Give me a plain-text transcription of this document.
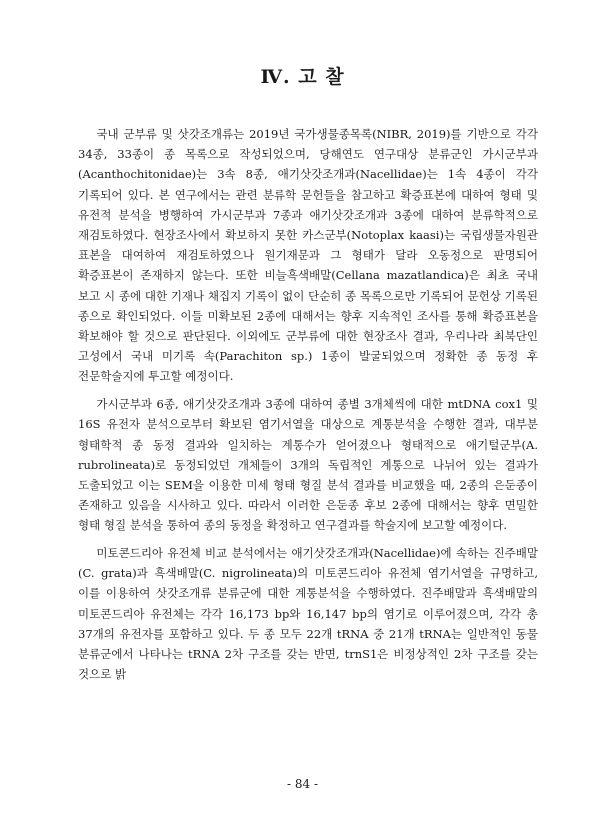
Ⅳ. 고 찰

국내 군부류 및 삿갓조개류는 2019년 국가생물종목록(NIBR, 2019)를 기반으로 각각 34종, 33종이 종 목록으로 작성되었으며, 당해연도 연구대상 분류군인 가시군부과(Acanthochitonidae)는 3속 8종, 애기삿갓조개과(Nacellidae)는 1속 4종이 각각 기록되어 있다. 본 연구에서는 관련 분류학 문헌들을 참고하고 확증표본에 대하여 형태 및 유전적 분석을 병행하여 가시군부과 7종과 애기삿갓조개과 3종에 대하여 분류학적으로 재검토하였다. 현장조사에서 확보하지 못한 카스군부(Notoplax kaasi)는 국립생물자원관 표본을 대여하여 재검토하였으나 원기재문과 그 형태가 달라 오동정으로 판명되어 확증표본이 존재하지 않는다. 또한 비늘흑색배말(Cellana mazatlandica)은 최초 국내 보고 시 종에 대한 기재나 채집지 기록이 없이 단순히 종 목록으로만 기록되어 문헌상 기록된 종으로 확인되었다. 이들 미확보된 2종에 대해서는 향후 지속적인 조사를 통해 확증표본을 확보해야 할 것으로 판단된다. 이외에도 군부류에 대한 현장조사 결과, 우리나라 최북단인 고성에서 국내 미기록 속(Parachiton sp.) 1종이 발굴되었으며 정확한 종 동정 후 전문학술지에 투고할 예정이다.

가시군부과 6종, 애기삿갓조개과 3종에 대하여 종별 3개체씩에 대한 mtDNA cox1 및 16S 유전자 분석으로부터 확보된 염기서열을 대상으로 계통분석을 수행한 결과, 대부분 형태학적 종 동정 결과와 일치하는 계통수가 얻어졌으나 형태적으로 애기털군부(A. rubrolineata)로 동정되었던 개체들이 3개의 독립적인 계통으로 나뉘어 있는 결과가 도출되었고 이는 SEM을 이용한 미세 형태 형질 분석 결과를 비교했을 때, 2종의 은둔종이 존재하고 있음을 시사하고 있다. 따라서 이러한 은둔종 후보 2종에 대해서는 향후 면밀한 형태 형질 분석을 통하여 종의 동정을 확정하고 연구결과를 학술지에 보고할 예정이다.

미토콘드리아 유전체 비교 분석에서는 애기삿갓조개과(Nacellidae)에 속하는 진주배말(C. grata)과 흑색배말(C. nigrolineata)의 미토콘드리아 유전체 염기서열을 규명하고, 이를 이용하여 삿갓조개류 분류군에 대한 계통분석을 수행하였다. 진주배말과 흑색배말의 미토콘드리아 유전체는 각각 16,173 bp와 16,147 bp의 염기로 이루어졌으며, 각각 총 37개의 유전자를 포함하고 있다. 두 종 모두 22개 tRNA 중 21개 tRNA는 일반적인 동물 분류군에서 나타나는 tRNA 2차 구조를 갖는 반면, trnS1은 비정상적인 2차 구조를 갖는 것으로 밝

- 84 -
